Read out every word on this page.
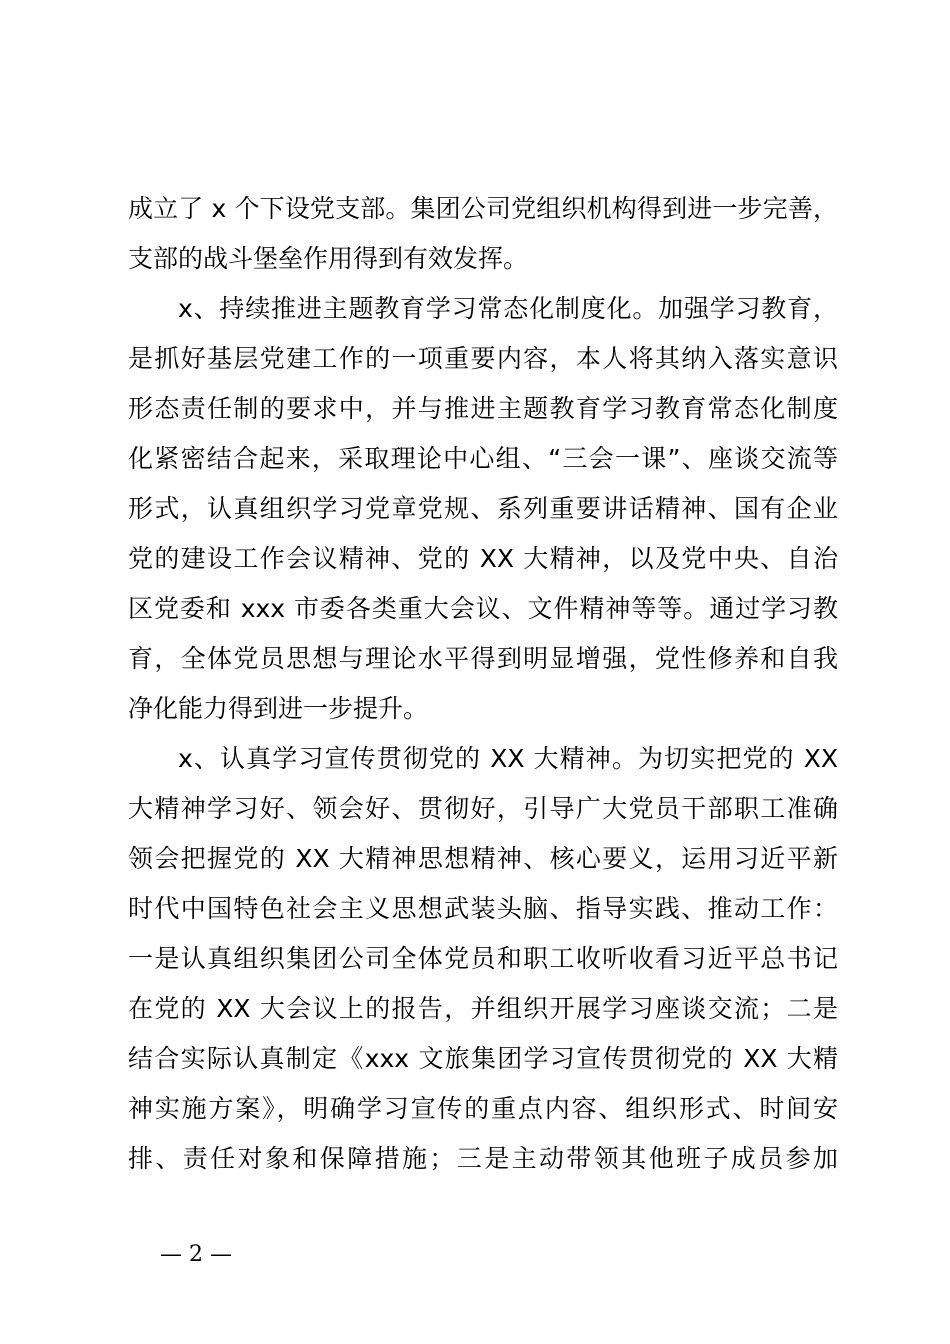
成立了 x 个下设党支部。集团公司党组织机构得到进一步完善，
支部的战斗堡垒作用得到有效发挥。
x、持续推进主题教育学习常态化制度化。加强学习教育，
是抓好基层党建工作的一项重要内容，本人将其纳入落实意识
形态责任制的要求中，并与推进主题教育学习教育常态化制度
化紧密结合起来，采取理论中心组、“三会一课”、座谈交流等
形式，认真组织学习党章党规、系列重要讲话精神、国有企业
党的建设工作会议精神、党的 XX 大精神，以及党中央、自治
区党委和 xxx 市委各类重大会议、文件精神等等。通过学习教
育，全体党员思想与理论水平得到明显增强，党性修养和自我
净化能力得到进一步提升。
x、认真学习宣传贯彻党的 XX 大精神。为切实把党的 XX
大精神学习好、领会好、贯彻好，引导广大党员干部职工准确
领会把握党的 XX 大精神思想精神、核心要义，运用习近平新
时代中国特色社会主义思想武装头脑、指导实践、推动工作：
一是认真组织集团公司全体党员和职工收听收看习近平总书记
在党的 XX 大会议上的报告，并组织开展学习座谈交流；二是
结合实际认真制定《xxx 文旅集团学习宣传贯彻党的 XX 大精
神实施方案》，明确学习宣传的重点内容、组织形式、时间安
排、责任对象和保障措施；三是主动带领其他班子成员参加
— 2 —
